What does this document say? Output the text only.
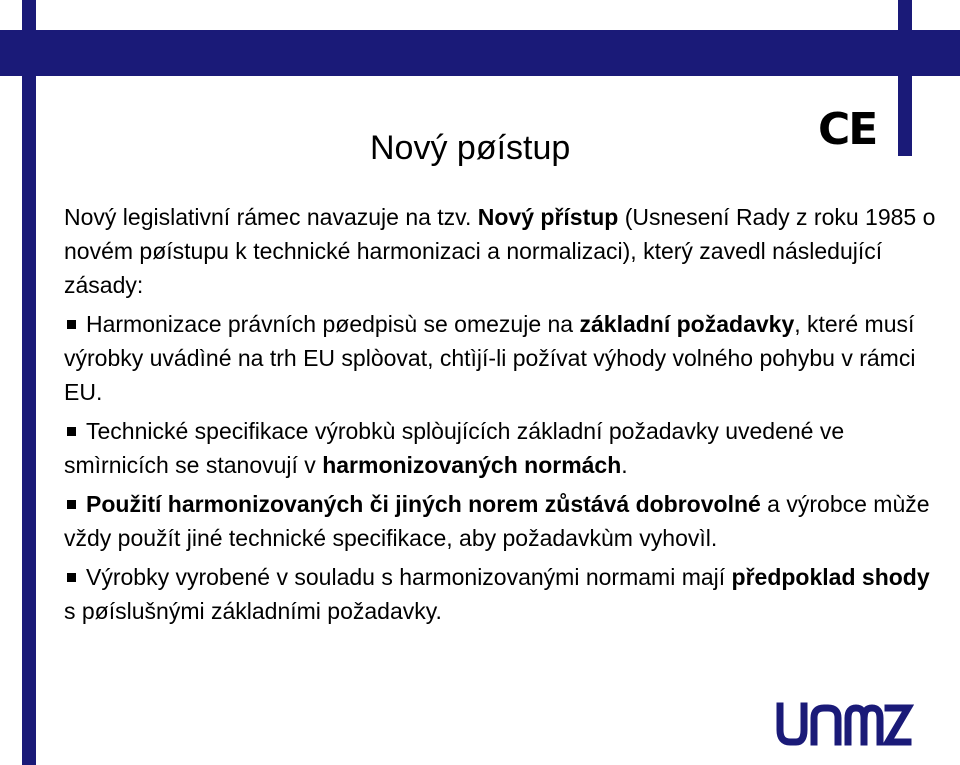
Nový pøístup	CE

Nový legislativní rámec navazuje na tzv. Nový přístup (Usnesení Rady z roku 1985 o novém pøístupu k technické harmonizaci a normalizaci), který zavedl následující zásady:

Harmonizace právních pøedpisù se omezuje na základní požadavky, které musí výrobky uvádìné na trh EU splòovat, chtìjí-li požívat výhody volného pohybu v rámci EU.

Technické specifikace výrobkù splòujících základní požadavky uvedené ve smìrnicích se stanovují v harmonizovaných normách.

Použití harmonizovaných či jiných norem zůstává dobrovolné a výrobce mùže vždy použít jiné technické specifikace, aby požadavkùm vyhovìl.

Výrobky vyrobené v souladu s harmonizovanými normami mají předpoklad shody s pøíslušnými základními požadavky.
